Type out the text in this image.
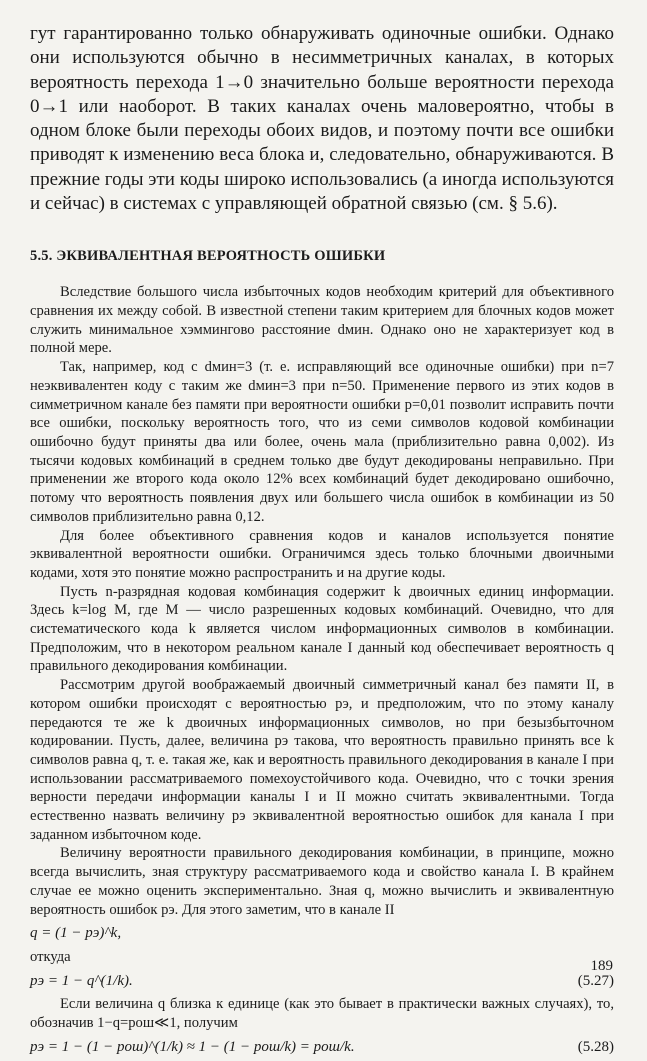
гут гарантированно только обнаруживать одиночные ошибки. Однако они используются обычно в несимметричных каналах, в которых вероятность перехода 1→0 значительно больше вероятности перехода 0→1 или наоборот. В таких каналах очень маловероятно, чтобы в одном блоке были переходы обоих видов, и поэтому почти все ошибки приводят к изменению веса блока и, следовательно, обнаруживаются. В прежние годы эти коды широко использовались (а иногда используются и сейчас) в системах с управляющей обратной связью (см. § 5.6).

5.5. ЭКВИВАЛЕНТНАЯ ВЕРОЯТНОСТЬ ОШИБКИ

Вследствие большого числа избыточных кодов необходим критерий для объективного сравнения их между собой. В известной степени таким критерием для блочных кодов может служить минимальное хэммингово расстояние dмин. Однако оно не характеризует код в полной мере.

Так, например, код с dмин=3 (т. е. исправляющий все одиночные ошибки) при n=7 неэквивалентен коду с таким же dмин=3 при n=50. Применение первого из этих кодов в симметричном канале без памяти при вероятности ошибки p=0,01 позволит исправить почти все ошибки, поскольку вероятность того, что из семи символов кодовой комбинации ошибочно будут приняты два или более, очень мала (приблизительно равна 0,002). Из тысячи кодовых комбинаций в среднем только две будут декодированы неправильно. При применении же второго кода около 12% всех комбинаций будет декодировано ошибочно, потому что вероятность появления двух или большего числа ошибок в комбинации из 50 символов приблизительно равна 0,12.

Для более объективного сравнения кодов и каналов используется понятие эквивалентной вероятности ошибки. Ограничимся здесь только блочными двоичными кодами, хотя это понятие можно распространить и на другие коды.

Пусть n-разрядная кодовая комбинация содержит k двоичных единиц информации. Здесь k=log M, где M — число разрешенных кодовых комбинаций. Очевидно, что для систематического кода k является числом информационных символов в комбинации. Предположим, что в некотором реальном канале I данный код обеспечивает вероятность q правильного декодирования комбинации.

Рассмотрим другой воображаемый двоичный симметричный канал без памяти II, в котором ошибки происходят с вероятностью pэ, и предположим, что по этому каналу передаются те же k двоичных информационных символов, но при безызбыточном кодировании. Пусть, далее, величина pэ такова, что вероятность правильно принять все k символов равна q, т. е. такая же, как и вероятность правильного декодирования в канале I при использовании рассматриваемого помехоустойчивого кода. Очевидно, что с точки зрения верности передачи информации каналы I и II можно считать эквивалентными. Тогда естественно назвать величину pэ эквивалентной вероятностью ошибок для канала I при заданном избыточном коде.

Величину вероятности правильного декодирования комбинации, в принципе, можно всегда вычислить, зная структуру рассматриваемого кода и свойство канала I. В крайнем случае ее можно оценить экспериментально. Зная q, можно вычислить и эквивалентную вероятность ошибок pэ. Для этого заметим, что в канале II

q = (1 − pэ)^k,
откуда
pэ = 1 − q^(1/k).	(5.27)

Если величина q близка к единице (как это бывает в практически важных случаях), то, обозначив 1−q=pош≪1, получим

pэ = 1 − (1 − pош)^(1/k) ≈ 1 − (1 − pош/k) = pош/k.	(5.28)
189
